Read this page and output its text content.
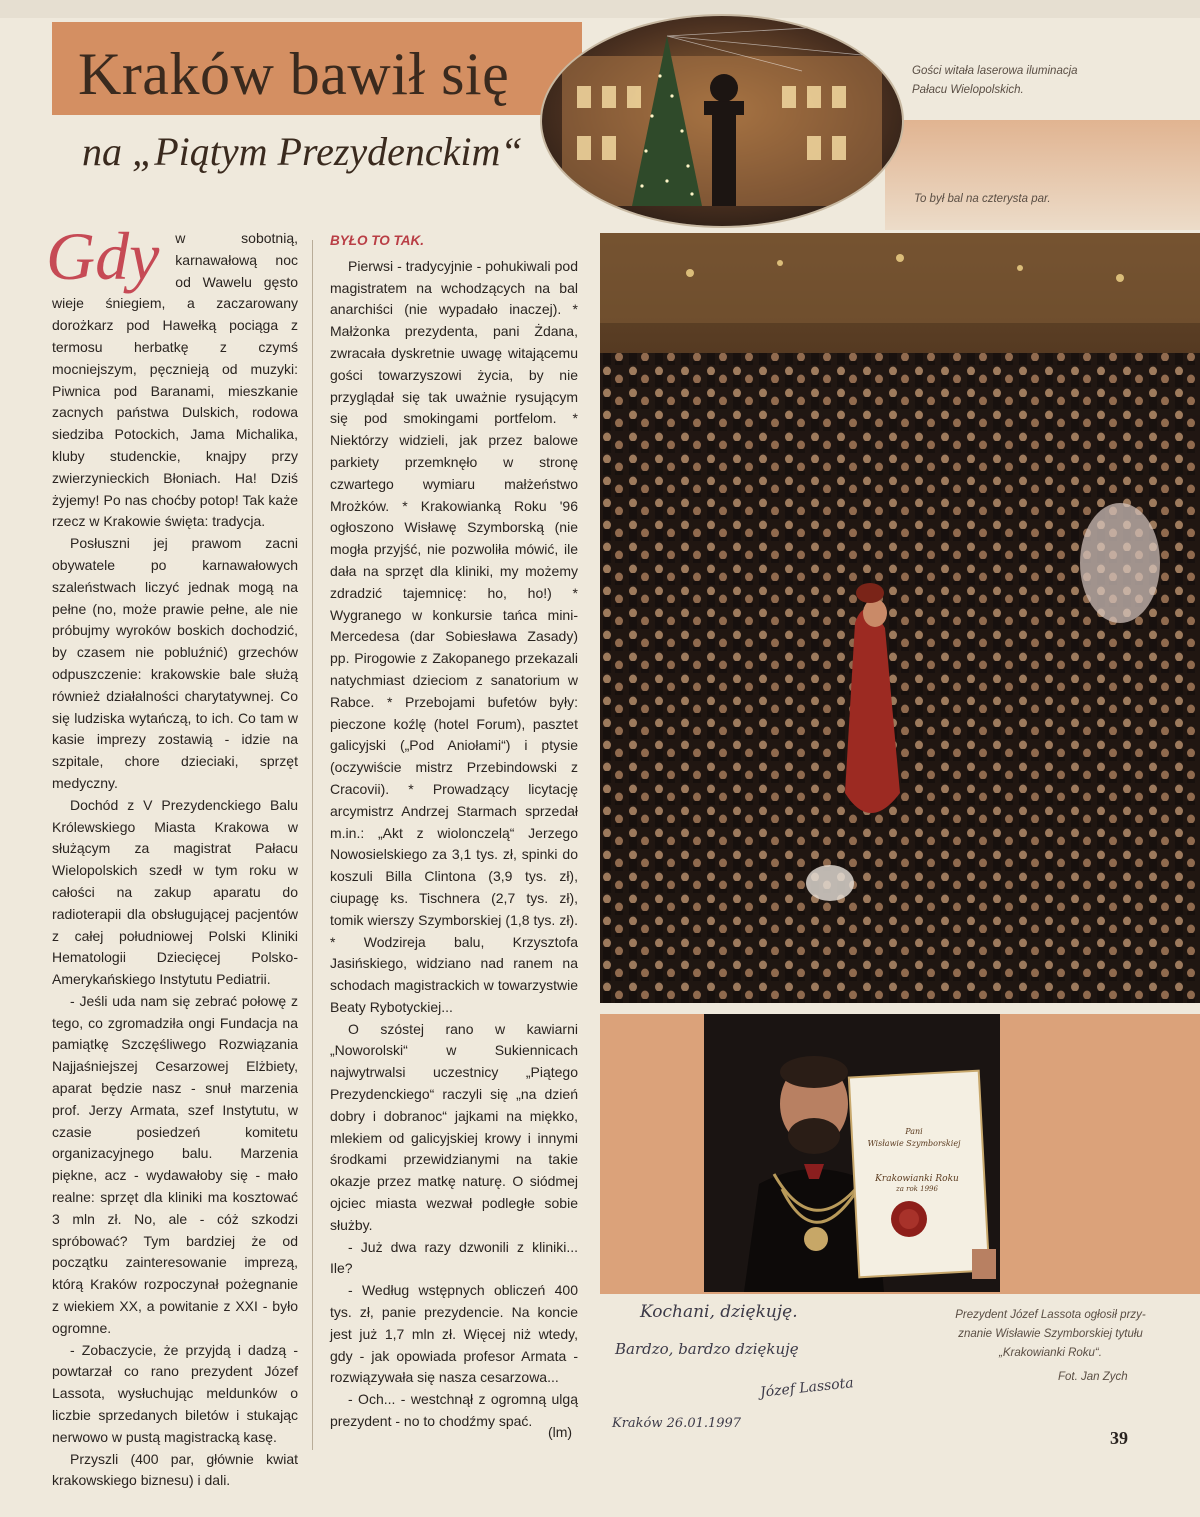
Kraków bawił się
na „Piątym Prezydenckim“
Gości witała laserowa iluminacja
Pałacu Wielopolskich.
To był bal na czterysta par.

Gdy	w sobotnią, karnawałową noc od Wawelu gęsto wieje śniegiem, a zaczarowany dorożkarz pod Hawełką pociąga z termosu herbatkę z czymś mocniejszym, pęcznieją od muzyki: Piwnica pod Baranami, mieszkanie zacnych państwa Dulskich, rodowa siedziba Potockich, Jama Michalika, kluby studenckie, knajpy przy zwierzynieckich Błoniach. Ha! Dziś żyjemy! Po nas choćby potop! Tak każe rzecz w Krakowie święta: tradycja.

Posłuszni jej prawom zacni obywatele po karnawałowych szaleństwach liczyć jednak mogą na pełne (no, może prawie pełne, ale nie próbujmy wyroków boskich dochodzić, by czasem nie pobluźnić) grzechów odpuszczenie: krakowskie bale służą również działalności charytatywnej. Co się ludziska wytańczą, to ich. Co tam w kasie imprezy zostawią - idzie na szpitale, chore dzieciaki, sprzęt medyczny.

Dochód z V Prezydenckiego Balu Królewskiego Miasta Krakowa w służącym za magistrat Pałacu Wielopolskich szedł w tym roku w całości na zakup aparatu do radioterapii dla obsługującej pacjentów z całej południowej Polski Kliniki Hematologii Dziecięcej Polsko-Amerykańskiego Instytutu Pediatrii.

- Jeśli uda nam się zebrać połowę z tego, co zgromadziła ongi Fundacja na pamiątkę Szczęśliwego Rozwiązania Najjaśniejszej Cesarzowej Elżbiety, aparat będzie nasz - snuł marzenia prof. Jerzy Armata, szef Instytutu, w czasie posiedzeń komitetu organizacyjnego balu. Marzenia piękne, acz - wydawałoby się - mało realne: sprzęt dla kliniki ma kosztować 3 mln zł. No, ale - cóż szkodzi spróbować? Tym bardziej że od początku zainteresowanie imprezą, którą Kraków rozpoczynał pożegnanie z wiekiem XX, a powitanie z XXI - było ogromne.

- Zobaczycie, że przyjdą i dadzą - powtarzał co rano prezydent Józef Lassota, wysłuchując meldunków o liczbie sprzedanych biletów i stukając nerwowo w pustą magistracką kasę.

Przyszli (400 par, głównie kwiat krakowskiego biznesu) i dali.

BYŁO TO TAK.

Pierwsi - tradycyjnie - pohukiwali pod magistratem na wchodzących na bal anarchiści (nie wypadało inaczej). * Małżonka prezydenta, pani Żdana, zwracała dyskretnie uwagę witającemu gości towarzyszowi życia, by nie przyglądał się tak uważnie rysującym się pod smokingami portfelom. * Niektórzy widzieli, jak przez balowe parkiety przemknęło w stronę czwartego wymiaru małżeństwo Mrożków. * Krakowianką Roku '96 ogłoszono Wisławę Szymborską (nie mogła przyjść, nie pozwoliła mówić, ile dała na sprzęt dla kliniki, my możemy zdradzić tajemnicę: ho, ho!) * Wygranego w konkursie tańca mini-Mercedesa (dar Sobiesława Zasady) pp. Pirogowie z Zakopanego przekazali natychmiast dzieciom z sanatorium w Rabce. * Przebojami bufetów były: pieczone koźlę (hotel Forum), pasztet galicyjski („Pod Aniołami“) i ptysie (oczywiście mistrz Przebindowski z Cracovii). * Prowadzący licytację arcymistrz Andrzej Starmach sprzedał m.in.: „Akt z wiolonczelą“ Jerzego Nowosielskiego za 3,1 tys. zł, spinki do koszuli Billa Clintona (3,9 tys. zł), ciupagę ks. Tischnera (2,7 tys. zł), tomik wierszy Szymborskiej (1,8 tys. zł). * Wodzireja balu, Krzysztofa Jasińskiego, widziano nad ranem na schodach magistrackich w towarzystwie Beaty Rybotyckiej...

O szóstej rano w kawiarni „Noworolski“ w Sukiennicach najwytrwalsi uczestnicy „Piątego Prezydenckiego“ raczyli się „na dzień dobry i dobranoc“ jajkami na miękko, mlekiem od galicyjskiej krowy i innymi środkami przewidzianymi na takie okazje przez matkę naturę. O siódmej ojciec miasta wezwał podległe sobie służby.

- Już dwa razy dzwonili z kliniki... Ile?

- Według wstępnych obliczeń 400 tys. zł, panie prezydencie. Na koncie jest już 1,7 mln zł. Więcej niż wtedy, gdy - jak opowiada profesor Armata - rozwiązywała się nasza cesarzowa...

- Och... - westchnął z ogromną ulgą prezydent - no to chodźmy spać.

(lm)
Pani
Wisławie Szymborskiej
Krakowianki Roku
za rok 1996
Prezydent Józef Lassota ogłosił przy-
znanie Wisławie Szymborskiej tytułu
„Krakowianki Roku“.
Fot. Jan Zych
Kochani, dziękuję.
Bardzo, bardzo dziękuję
Józef Lassota
Kraków 26.01.1997
39
